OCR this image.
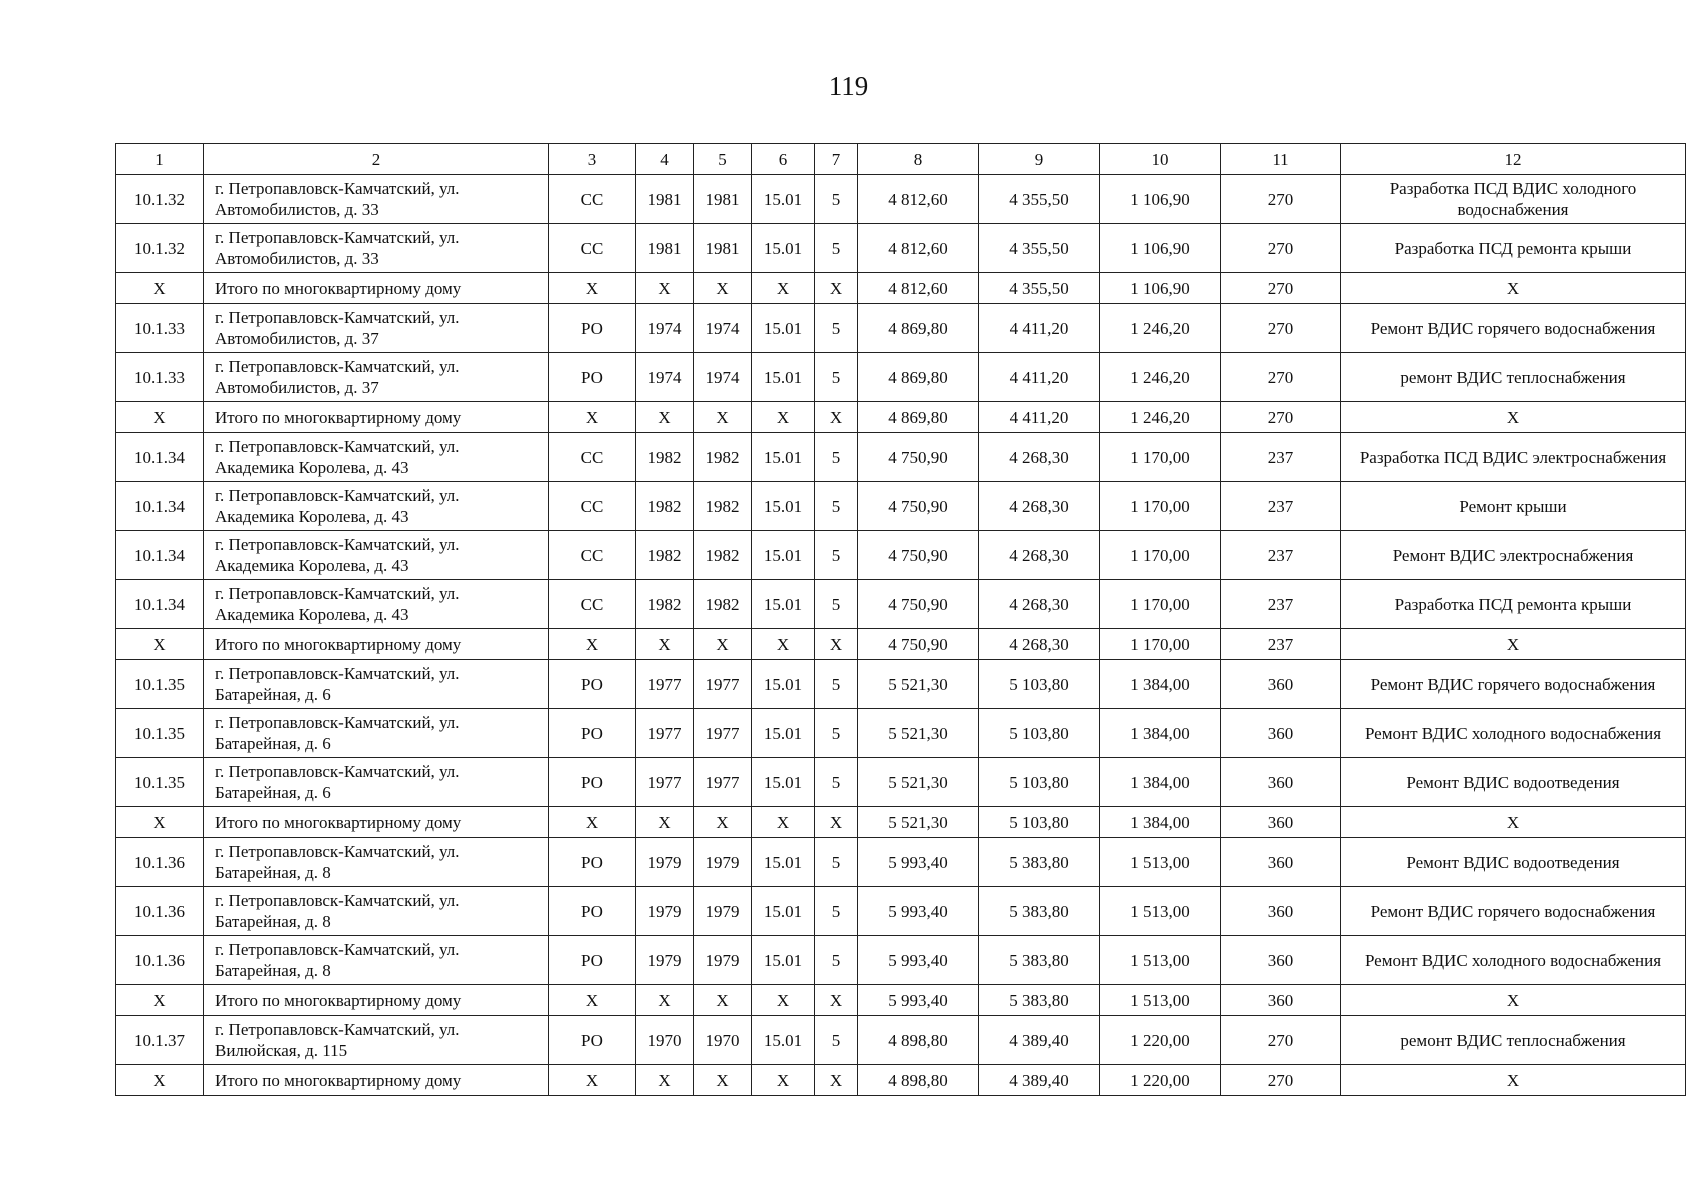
119
1	2	3	4	5	6	7	8	9	10	11	12
10.1.32	г. Петропавловск-Камчатский, ул. Автомобилистов, д. 33	СС	1981	1981	15.01	5	4 812,60	4 355,50	1 106,90	270	Разработка ПСД ВДИС холодного водоснабжения
10.1.32	г. Петропавловск-Камчатский, ул. Автомобилистов, д. 33	СС	1981	1981	15.01	5	4 812,60	4 355,50	1 106,90	270	Разработка ПСД ремонта крыши
Х	Итого по многоквартирному дому	Х	Х	Х	Х	Х	4 812,60	4 355,50	1 106,90	270	Х
10.1.33	г. Петропавловск-Камчатский, ул. Автомобилистов, д. 37	РО	1974	1974	15.01	5	4 869,80	4 411,20	1 246,20	270	Ремонт ВДИС горячего водоснабжения
10.1.33	г. Петропавловск-Камчатский, ул. Автомобилистов, д. 37	РО	1974	1974	15.01	5	4 869,80	4 411,20	1 246,20	270	ремонт ВДИС теплоснабжения
Х	Итого по многоквартирному дому	Х	Х	Х	Х	Х	4 869,80	4 411,20	1 246,20	270	Х
10.1.34	г. Петропавловск-Камчатский, ул. Академика Королева, д. 43	СС	1982	1982	15.01	5	4 750,90	4 268,30	1 170,00	237	Разработка ПСД ВДИС электроснабжения
10.1.34	г. Петропавловск-Камчатский, ул. Академика Королева, д. 43	СС	1982	1982	15.01	5	4 750,90	4 268,30	1 170,00	237	Ремонт крыши
10.1.34	г. Петропавловск-Камчатский, ул. Академика Королева, д. 43	СС	1982	1982	15.01	5	4 750,90	4 268,30	1 170,00	237	Ремонт ВДИС электроснабжения
10.1.34	г. Петропавловск-Камчатский, ул. Академика Королева, д. 43	СС	1982	1982	15.01	5	4 750,90	4 268,30	1 170,00	237	Разработка ПСД ремонта крыши
Х	Итого по многоквартирному дому	Х	Х	Х	Х	Х	4 750,90	4 268,30	1 170,00	237	Х
10.1.35	г. Петропавловск-Камчатский, ул. Батарейная, д. 6	РО	1977	1977	15.01	5	5 521,30	5 103,80	1 384,00	360	Ремонт ВДИС горячего водоснабжения
10.1.35	г. Петропавловск-Камчатский, ул. Батарейная, д. 6	РО	1977	1977	15.01	5	5 521,30	5 103,80	1 384,00	360	Ремонт ВДИС холодного водоснабжения
10.1.35	г. Петропавловск-Камчатский, ул. Батарейная, д. 6	РО	1977	1977	15.01	5	5 521,30	5 103,80	1 384,00	360	Ремонт ВДИС водоотведения
Х	Итого по многоквартирному дому	Х	Х	Х	Х	Х	5 521,30	5 103,80	1 384,00	360	Х
10.1.36	г. Петропавловск-Камчатский, ул. Батарейная, д. 8	РО	1979	1979	15.01	5	5 993,40	5 383,80	1 513,00	360	Ремонт ВДИС водоотведения
10.1.36	г. Петропавловск-Камчатский, ул. Батарейная, д. 8	РО	1979	1979	15.01	5	5 993,40	5 383,80	1 513,00	360	Ремонт ВДИС горячего водоснабжения
10.1.36	г. Петропавловск-Камчатский, ул. Батарейная, д. 8	РО	1979	1979	15.01	5	5 993,40	5 383,80	1 513,00	360	Ремонт ВДИС холодного водоснабжения
Х	Итого по многоквартирному дому	Х	Х	Х	Х	Х	5 993,40	5 383,80	1 513,00	360	Х
10.1.37	г. Петропавловск-Камчатский, ул. Вилюйская, д. 115	РО	1970	1970	15.01	5	4 898,80	4 389,40	1 220,00	270	ремонт ВДИС теплоснабжения
Х	Итого по многоквартирному дому	Х	Х	Х	Х	Х	4 898,80	4 389,40	1 220,00	270	Х
